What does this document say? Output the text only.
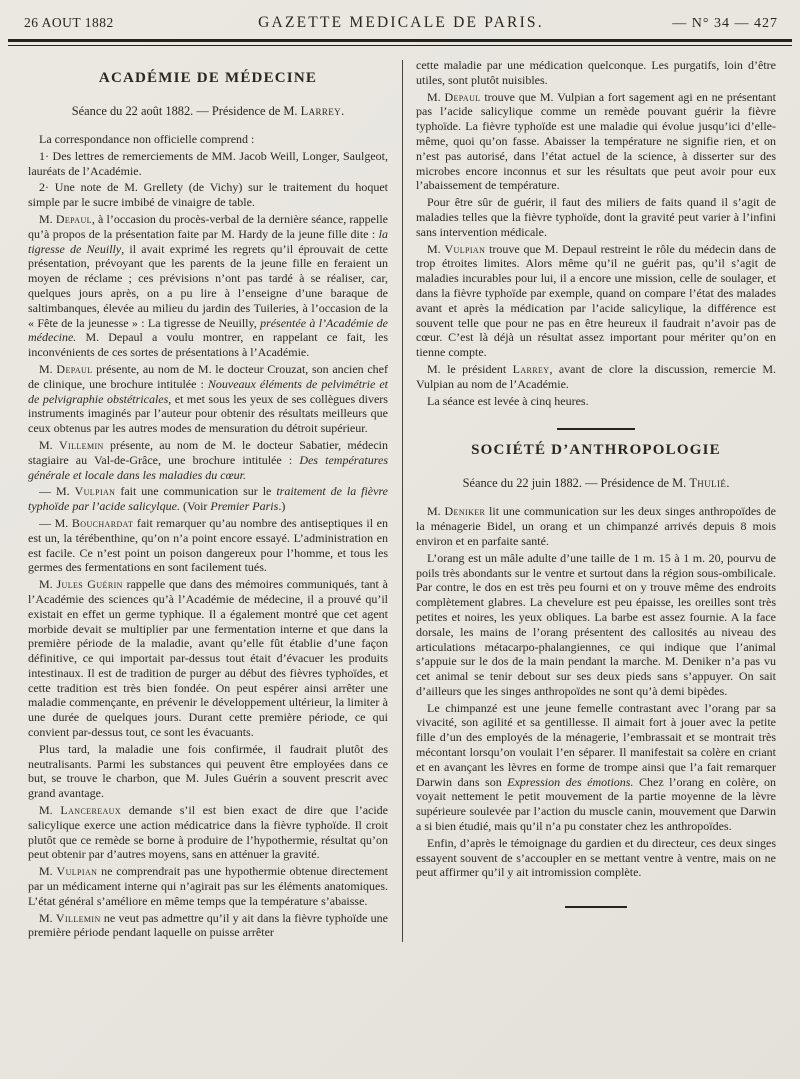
26 AOUT 1882	GAZETTE MEDICALE DE PARIS.	— N° 34 — 427
ACADÉMIE DE MÉDECINE

Séance du 22 août 1882. — Présidence de M. Larrey.

La correspondance non officielle comprend :

1· Des lettres de remerciements de MM. Jacob Weill, Longer, Saulgeot, lauréats de l’Académie.

2· Une note de M. Grellety (de Vichy) sur le traitement du hoquet simple par le sucre imbibé de vinaigre de table.

M. Depaul, à l’occasion du procès-verbal de la dernière séance, rappelle qu’à propos de la présentation faite par M. Hardy de la jeune fille dite : la tigresse de Neuilly, il avait exprimé les regrets qu’il éprouvait de cette présentation, prévoyant que les parents de la jeune fille en feraient un moyen de réclame ; ces prévisions n’ont pas tardé à se réaliser, car, quelques jours après, on a pu lire à l’enseigne d’une baraque de saltimbanques, élevée au milieu du jardin des Tuileries, à l’occasion de la « Fête de la jeunesse » : La tigresse de Neuilly, présentée à l’Académie de médecine. M. Depaul a voulu montrer, en rappelant ce fait, les inconvénients de ces sortes de présentations à l’Académie.

M. Depaul présente, au nom de M. le docteur Crouzat, son ancien chef de clinique, une brochure intitulée : Nouveaux éléments de pelvimétrie et de pelvigraphie obstétricales, et met sous les yeux de ses collègues divers instruments imaginés par l’auteur pour obtenir des résultats meilleurs que ceux obtenus par les autres modes de mensuration du détroit supérieur.

M. Villemin présente, au nom de M. le docteur Sabatier, médecin stagiaire au Val-de-Grâce, une brochure intitulée : Des températures générale et locale dans les maladies du cœur.

— M. Vulpian fait une communication sur le traitement de la fièvre typhoïde par l’acide salicylque. (Voir Premier Paris.)

— M. Bouchardat fait remarquer qu’au nombre des antiseptiques il en est un, la térébenthine, qu’on n’a point encore essayé. L’administration en est facile. Ce n’est point un poison dangereux pour l’homme, et tous les germes des fermentations en sont facilement tués.

M. Jules Guérin rappelle que dans des mémoires communiqués, tant à l’Académie des sciences qu’à l’Académie de médecine, il a prouvé qu’il existait en effet un germe typhique. Il a également montré que cet agent morbide devait se multiplier par une fermentation interne et que dans la première période de la maladie, avant qu’elle fût établie d’une façon définitive, ce qui importait par-dessus tout était d’évacuer les produits intestinaux. Il est de tradition de purger au début des fièvres typhoïdes, et cette tradition est très bien fondée. On peut espérer ainsi arrêter une maladie commençante, en prévenir le développement ultérieur, la limiter à une durée de quelques jours. Durant cette première période, ce qui convient par-dessus tout, ce sont les évacuants.

Plus tard, la maladie une fois confirmée, il faudrait plutôt des neutralisants. Parmi les substances qui peuvent être employées dans ce but, se trouve le charbon, que M. Jules Guérin a souvent prescrit avec grand avantage.

M. Lancereaux demande s’il est bien exact de dire que l’acide salicylique exerce une action médicatrice dans la fièvre typhoïde. Il croit plutôt que ce remède se borne à produire de l’hypothermie, résultat qu’on peut obtenir par d’autres moyens, sans en atténuer la gravité.

M. Vulpian ne comprendrait pas une hypothermie obtenue directement par un médicament interne qui n’agirait pas sur les éléments anatomiques. L’état général s’améliore en même temps que la température s’abaisse.

M. Villemin ne veut pas admettre qu’il y ait dans la fièvre typhoïde une première période pendant laquelle on puisse arrêter

cette maladie par une médication quelconque. Les purgatifs, loin d’être utiles, sont plutôt nuisibles.

M. Depaul trouve que M. Vulpian a fort sagement agi en ne présentant pas l’acide salicylique comme un remède pouvant guérir la fièvre typhoïde. La fièvre typhoïde est une maladie qui évolue jusqu’ici d’elle-même, quoi qu’on fasse. Abaisser la température ne signifie rien, et on n’est pas autorisé, dans l’état actuel de la science, à disserter sur des microbes encore inconnus et sur les résultats que peut avoir pour eux l’abaissement de température.

Pour être sûr de guérir, il faut des miliers de faits quand il s’agit de maladies telles que la fièvre typhoïde, dont la gravité peut varier à l’infini sans intervention médicale.

M. Vulpian trouve que M. Depaul restreint le rôle du médecin dans de trop étroites limites. Alors même qu’il ne guérit pas, qu’il s’agit de maladies incurables pour lui, il a encore une mission, celle de soulager, et dans la fièvre typhoïde par exemple, quand on compare l’état des malades avant et après la médication par l’acide salicylique, la différence est souvent telle que pour ne pas en être heureux il faudrait n’avoir pas de cœur. C’est là déjà un résultat assez important pour mériter qu’on en tienne compte.

M. le président Larrey, avant de clore la discussion, remercie M. Vulpian au nom de l’Académie.

La séance est levée à cinq heures.

SOCIÉTÉ D’ANTHROPOLOGIE

Séance du 22 juin 1882. — Présidence de M. Thulié.

M. Deniker lit une communication sur les deux singes anthropoïdes de la ménagerie Bidel, un orang et un chimpanzé arrivés depuis 8 mois environ et en parfaite santé.

L’orang est un mâle adulte d’une taille de 1 m. 15 à 1 m. 20, pourvu de poils très abondants sur le ventre et surtout dans la région sous-ombilicale. Par contre, le dos en est très peu fourni et on y trouve même des endroits complètement glabres. La chevelure est peu épaisse, les oreilles sont très petites et noires, les yeux obliques. La barbe est assez fournie. A la face dorsale, les mains de l’orang présentent des callosités au niveau des articulations métacarpo-phalangiennes, ce qui indique que l’animal s’appuie sur le dos de la main pendant la marche. M. Deniker n’a pas vu cet animal se tenir debout sur ses deux pieds sans s’appuyer. On sait d’ailleurs que les singes anthropoïdes ne sont qu’à demi bipèdes.

Le chimpanzé est une jeune femelle contrastant avec l’orang par sa vivacité, son agilité et sa gentillesse. Il aimait fort à jouer avec la petite fille d’un des employés de la ménagerie, l’embrassait et se montrait très mécontant lorsqu’on voulait l’en séparer. Il manifestait sa colère en criant et en avançant les lèvres en forme de trompe ainsi que l’a fait remarquer Darwin dans son Expression des émotions. Chez l’orang en colère, on voyait nettement le petit mouvement de la partie moyenne de la lèvre supérieure soulevée par l’action du muscle canin, mouvement que Darwin a si bien étudié, mais qu’il n’a pu constater chez les anthropoïdes.

Enfin, d’après le témoignage du gardien et du directeur, ces deux singes essayent souvent de s’accoupler en se mettant ventre à ventre, mais on ne peut affirmer qu’il y ait intromission complète.
